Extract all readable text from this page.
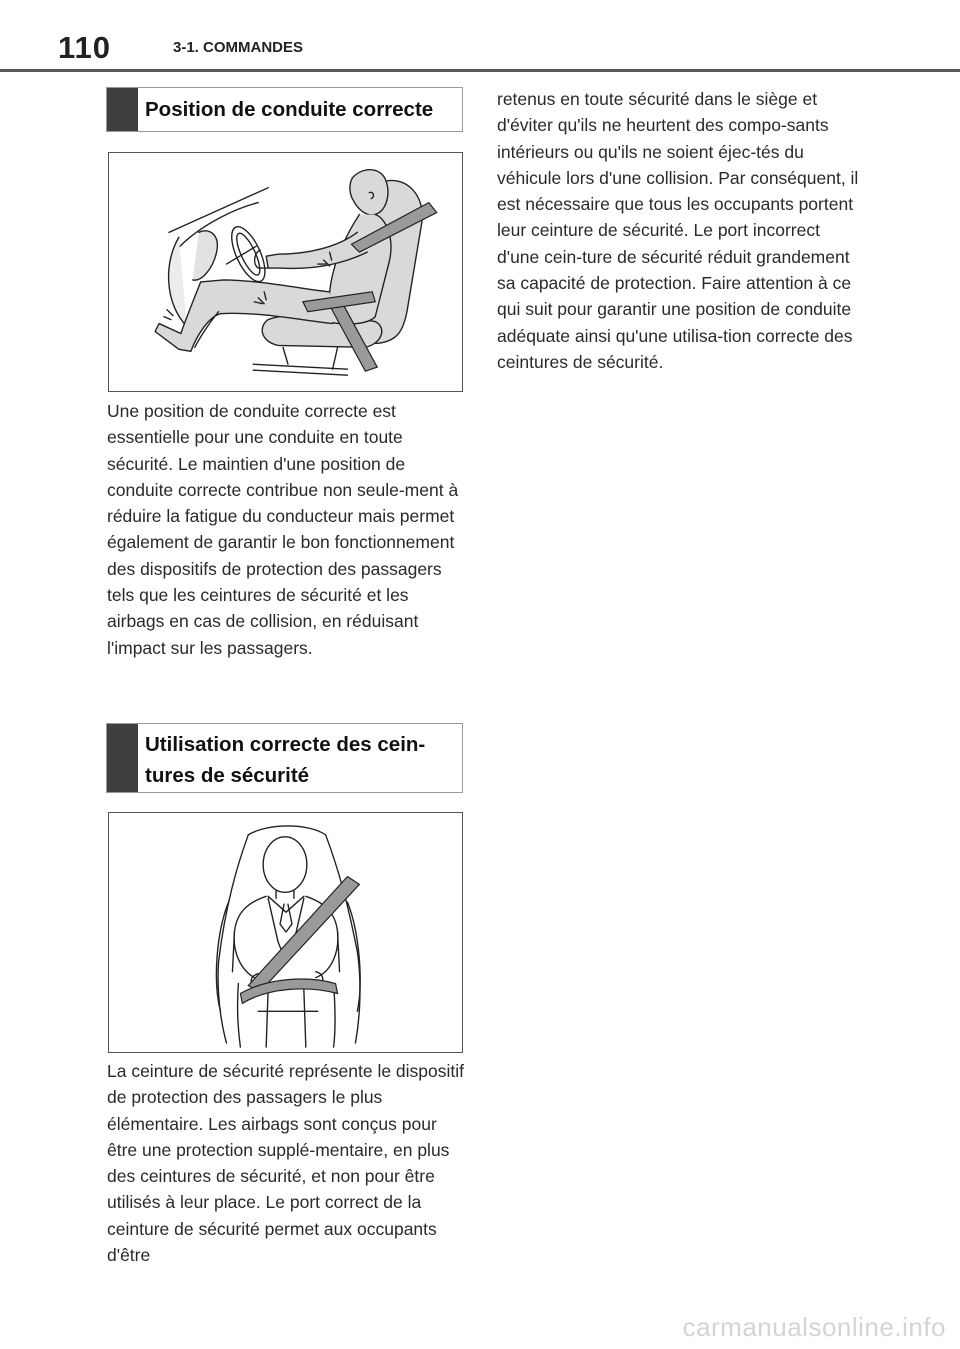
110	3-1. COMMANDES
Position de conduite correcte

Une position de conduite correcte est essentielle pour une conduite en toute sécurité. Le maintien d'une position de conduite correcte contribue non seule-ment à réduire la fatigue du conducteur mais permet également de garantir le bon fonctionnement des dispositifs de protection des passagers tels que les ceintures de sécurité et les airbags en cas de collision, en réduisant l'impact sur les passagers.

Utilisation correcte des cein-tures de sécurité

La ceinture de sécurité représente le dispositif de protection des passagers le plus élémentaire. Les airbags sont conçus pour être une protection supplé-mentaire, en plus des ceintures de sécurité, et non pour être utilisés à leur place. Le port correct de la ceinture de sécurité permet aux occupants d'être

retenus en toute sécurité dans le siège et d'éviter qu'ils ne heurtent des compo-sants intérieurs ou qu'ils ne soient éjec-tés du véhicule lors d'une collision. Par conséquent, il est nécessaire que tous les occupants portent leur ceinture de sécurité. Le port incorrect d'une cein-ture de sécurité réduit grandement sa capacité de protection. Faire attention à ce qui suit pour garantir une position de conduite adéquate ainsi qu'une utilisa-tion correcte des ceintures de sécurité.

carmanualsonline.info
